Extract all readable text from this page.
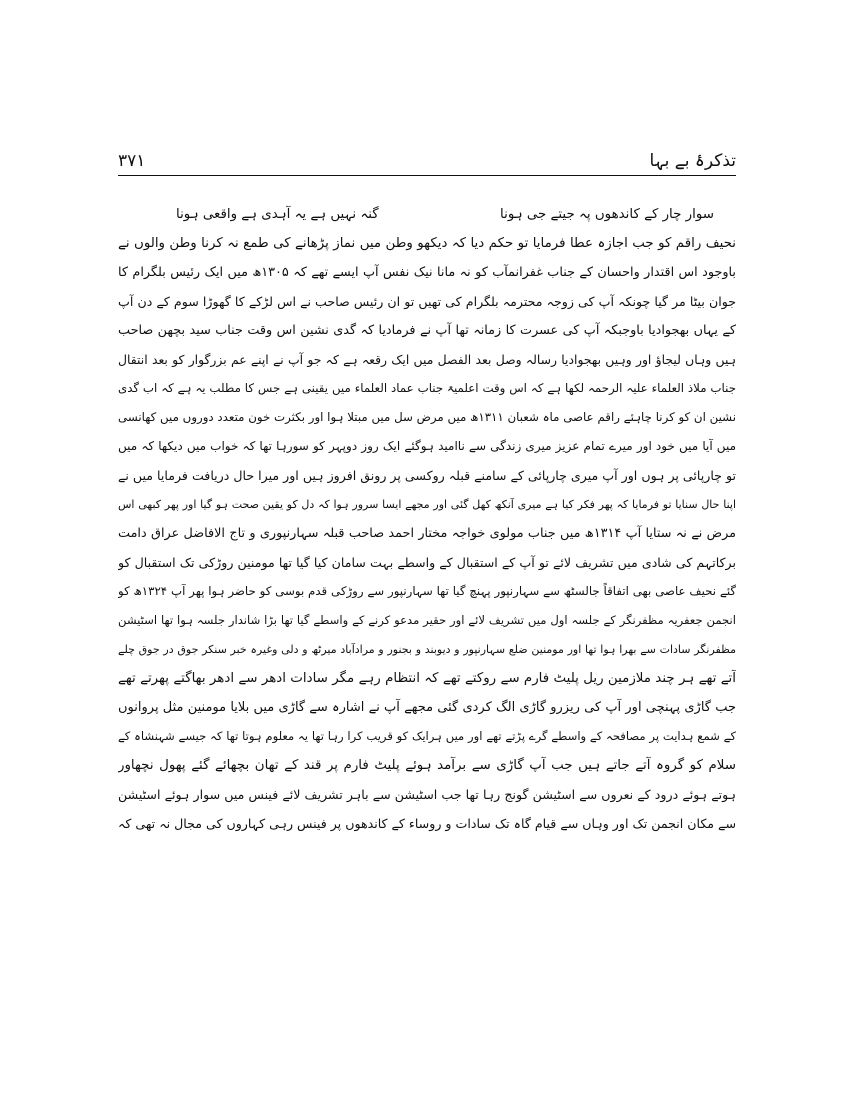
تذکرۂ بے بہا
۳۷۱
سوار چار کے کاندھوں پہ جیتے جی ہونا
گنہ نہیں ہے یہ آہدی ہے واقعی ہونا
نحیف راقم کو جب اجازہ عطا فرمایا تو حکم دیا کہ دیکھو وطن میں نماز پڑھانے کی طمع نہ کرنا وطن والوں نے
باوجود اس اقتدار واحسان کے جناب غفرانمآب کو نہ مانا نیک نفس آپ ایسے تھے کہ ۱۳۰۵ھ میں ایک رئیس بلگرام کا
جوان بیٹا مر گیا چونکہ آپ کی زوجہ محترمہ بلگرام کی تھیں تو ان رئیس صاحب نے اس لڑکے کا گھوڑا سوم کے دن آپ
کے یہاں بھجوادیا باوجبکہ آپ کی عسرت کا زمانہ تھا آپ نے فرمادیا کہ گدی نشین اس وقت جناب سید بچھن صاحب
ہیں وہاں لیجاؤ اور وہیں بھجوادیا رسالہ وصل بعد الفصل میں ایک رقعہ ہے کہ جو آپ نے اپنے عم بزرگوار کو بعد انتقال
جناب ملاذ العلماء علیہ الرحمہ لکھا ہے کہ اس وقت اعلمیۃ جناب عماد العلماء میں یقینی ہے جس کا مطلب یہ ہے کہ اب گدی
نشین ان کو کرنا چاہئے راقم عاصی ماہ شعبان ۱۳۱۱ھ میں مرض سل میں مبتلا ہوا اور بکثرت خون متعدد دوروں میں کھانسی
میں آیا میں خود اور میرے تمام عزیز میری زندگی سے ناامید ہوگئے ایک روز دوپہر کو سورہا تھا کہ خواب میں دیکھا کہ میں
تو چارپائی پر ہوں اور آپ میری چارپائی کے سامنے قبلہ روکسی پر رونق افروز ہیں اور میرا حال دریافت فرمایا میں نے
اپنا حال سنایا تو فرمایا کہ پھر فکر کیا ہے میری آنکھ کھل گئی اور مجھے ایسا سرور ہوا کہ دل کو یقین صحت ہو گیا اور پھر کبھی اس
مرض نے نہ ستایا آپ ۱۳۱۴ھ میں جناب مولوی خواجہ مختار احمد صاحب قبلہ سہارنپوری و تاج الافاضل عراق دامت
برکاتہم کی شادی میں تشریف لائے تو آپ کے استقبال کے واسطے بہت سامان کیا گیا تھا مومنین روڑکی تک استقبال کو
گئے نحیف عاصی بھی اتفاقاً جالسٹھ سے سہارنپور پہنچ گیا تھا سہارنپور سے روڑکی قدم بوسی کو حاضر ہوا پھر آپ ۱۳۲۴ھ کو
انجمن جعفریہ مظفرنگر کے جلسہ اول میں تشریف لائے اور حقیر مدعو کرنے کے واسطے گیا تھا بڑا شاندار جلسہ ہوا تھا اسٹیشن
مظفرنگر سادات سے بھرا ہوا تھا اور مومنین ضلع سہارنپور و دیوبند و بجنور و مرادآباد میرٹھ و دلی وغیرہ خبر سنکر جوق در جوق چلے
آتے تھے ہر چند ملازمین ریل پلیٹ فارم سے روکتے تھے کہ انتظام رہے مگر سادات ادھر سے ادھر بھاگتے پھرتے تھے
جب گاڑی پہنچی اور آپ کی ریزرو گاڑی الگ کردی گئی مجھے آپ نے اشارہ سے گاڑی میں بلایا مومنین مثل پروانوں
کے شمع ہدایت پر مصافحہ کے واسطے گرے پڑتے تھے اور میں ہرایک کو قریب کرا رہا تھا یہ معلوم ہوتا تھا کہ جیسے شہنشاہ کے
سلام کو گروہ آتے جاتے ہیں جب آپ گاڑی سے برآمد ہوئے پلیٹ فارم پر قند کے تھان بچھائے گئے پھول نچھاور
ہوتے ہوئے درود کے نعروں سے اسٹیشن گونج رہا تھا جب اسٹیشن سے باہر تشریف لائے فینس میں سوار ہوئے اسٹیشن
سے مکان انجمن تک اور وہاں سے قیام گاہ تک سادات و روساء کے کاندھوں پر فینس رہی کہاروں کی مجال نہ تھی کہ
